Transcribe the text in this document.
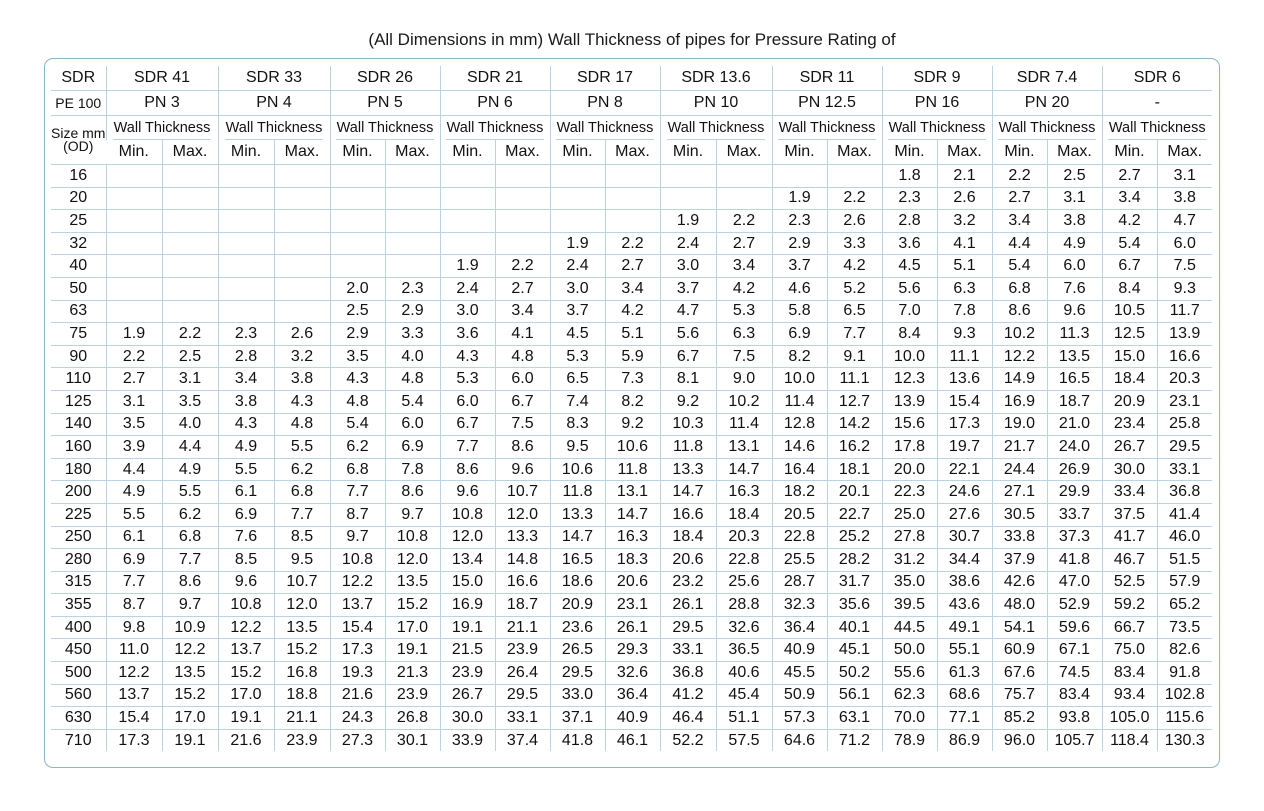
(All Dimensions in mm) Wall Thickness of pipes for Pressure Rating of
SDR	SDR 41		SDR 33		SDR 26		SDR 21		SDR 17		SDR 13.6		SDR 11		SDR 9		SDR 7.4		SDR 6	
PE 100	PN 3		PN 4		PN 5		PN 6		PN 8		PN 10		PN 12.5		PN 16		PN 20		-	
Size mm (OD)	Wall Thickness		Wall Thickness		Wall Thickness		Wall Thickness		Wall Thickness		Wall Thickness		Wall Thickness		Wall Thickness		Wall Thickness		Wall Thickness	
	Min.	Max.	Min.	Max.	Min.	Max.	Min.	Max.	Min.	Max.	Min.	Max.	Min.	Max.	Min.	Max.	Min.	Max.	Min.	Max.
16															1.8	2.1	2.2	2.5	2.7	3.1
20													1.9	2.2	2.3	2.6	2.7	3.1	3.4	3.8
25											1.9	2.2	2.3	2.6	2.8	3.2	3.4	3.8	4.2	4.7
32									1.9	2.2	2.4	2.7	2.9	3.3	3.6	4.1	4.4	4.9	5.4	6.0
40							1.9	2.2	2.4	2.7	3.0	3.4	3.7	4.2	4.5	5.1	5.4	6.0	6.7	7.5
50					2.0	2.3	2.4	2.7	3.0	3.4	3.7	4.2	4.6	5.2	5.6	6.3	6.8	7.6	8.4	9.3
63					2.5	2.9	3.0	3.4	3.7	4.2	4.7	5.3	5.8	6.5	7.0	7.8	8.6	9.6	10.5	11.7
75	1.9	2.2	2.3	2.6	2.9	3.3	3.6	4.1	4.5	5.1	5.6	6.3	6.9	7.7	8.4	9.3	10.2	11.3	12.5	13.9
90	2.2	2.5	2.8	3.2	3.5	4.0	4.3	4.8	5.3	5.9	6.7	7.5	8.2	9.1	10.0	11.1	12.2	13.5	15.0	16.6
110	2.7	3.1	3.4	3.8	4.3	4.8	5.3	6.0	6.5	7.3	8.1	9.0	10.0	11.1	12.3	13.6	14.9	16.5	18.4	20.3
125	3.1	3.5	3.8	4.3	4.8	5.4	6.0	6.7	7.4	8.2	9.2	10.2	11.4	12.7	13.9	15.4	16.9	18.7	20.9	23.1
140	3.5	4.0	4.3	4.8	5.4	6.0	6.7	7.5	8.3	9.2	10.3	11.4	12.8	14.2	15.6	17.3	19.0	21.0	23.4	25.8
160	3.9	4.4	4.9	5.5	6.2	6.9	7.7	8.6	9.5	10.6	11.8	13.1	14.6	16.2	17.8	19.7	21.7	24.0	26.7	29.5
180	4.4	4.9	5.5	6.2	6.8	7.8	8.6	9.6	10.6	11.8	13.3	14.7	16.4	18.1	20.0	22.1	24.4	26.9	30.0	33.1
200	4.9	5.5	6.1	6.8	7.7	8.6	9.6	10.7	11.8	13.1	14.7	16.3	18.2	20.1	22.3	24.6	27.1	29.9	33.4	36.8
225	5.5	6.2	6.9	7.7	8.7	9.7	10.8	12.0	13.3	14.7	16.6	18.4	20.5	22.7	25.0	27.6	30.5	33.7	37.5	41.4
250	6.1	6.8	7.6	8.5	9.7	10.8	12.0	13.3	14.7	16.3	18.4	20.3	22.8	25.2	27.8	30.7	33.8	37.3	41.7	46.0
280	6.9	7.7	8.5	9.5	10.8	12.0	13.4	14.8	16.5	18.3	20.6	22.8	25.5	28.2	31.2	34.4	37.9	41.8	46.7	51.5
315	7.7	8.6	9.6	10.7	12.2	13.5	15.0	16.6	18.6	20.6	23.2	25.6	28.7	31.7	35.0	38.6	42.6	47.0	52.5	57.9
355	8.7	9.7	10.8	12.0	13.7	15.2	16.9	18.7	20.9	23.1	26.1	28.8	32.3	35.6	39.5	43.6	48.0	52.9	59.2	65.2
400	9.8	10.9	12.2	13.5	15.4	17.0	19.1	21.1	23.6	26.1	29.5	32.6	36.4	40.1	44.5	49.1	54.1	59.6	66.7	73.5
450	11.0	12.2	13.7	15.2	17.3	19.1	21.5	23.9	26.5	29.3	33.1	36.5	40.9	45.1	50.0	55.1	60.9	67.1	75.0	82.6
500	12.2	13.5	15.2	16.8	19.3	21.3	23.9	26.4	29.5	32.6	36.8	40.6	45.5	50.2	55.6	61.3	67.6	74.5	83.4	91.8
560	13.7	15.2	17.0	18.8	21.6	23.9	26.7	29.5	33.0	36.4	41.2	45.4	50.9	56.1	62.3	68.6	75.7	83.4	93.4	102.8
630	15.4	17.0	19.1	21.1	24.3	26.8	30.0	33.1	37.1	40.9	46.4	51.1	57.3	63.1	70.0	77.1	85.2	93.8	105.0	115.6
710	17.3	19.1	21.6	23.9	27.3	30.1	33.9	37.4	41.8	46.1	52.2	57.5	64.6	71.2	78.9	86.9	96.0	105.7	118.4	130.3
